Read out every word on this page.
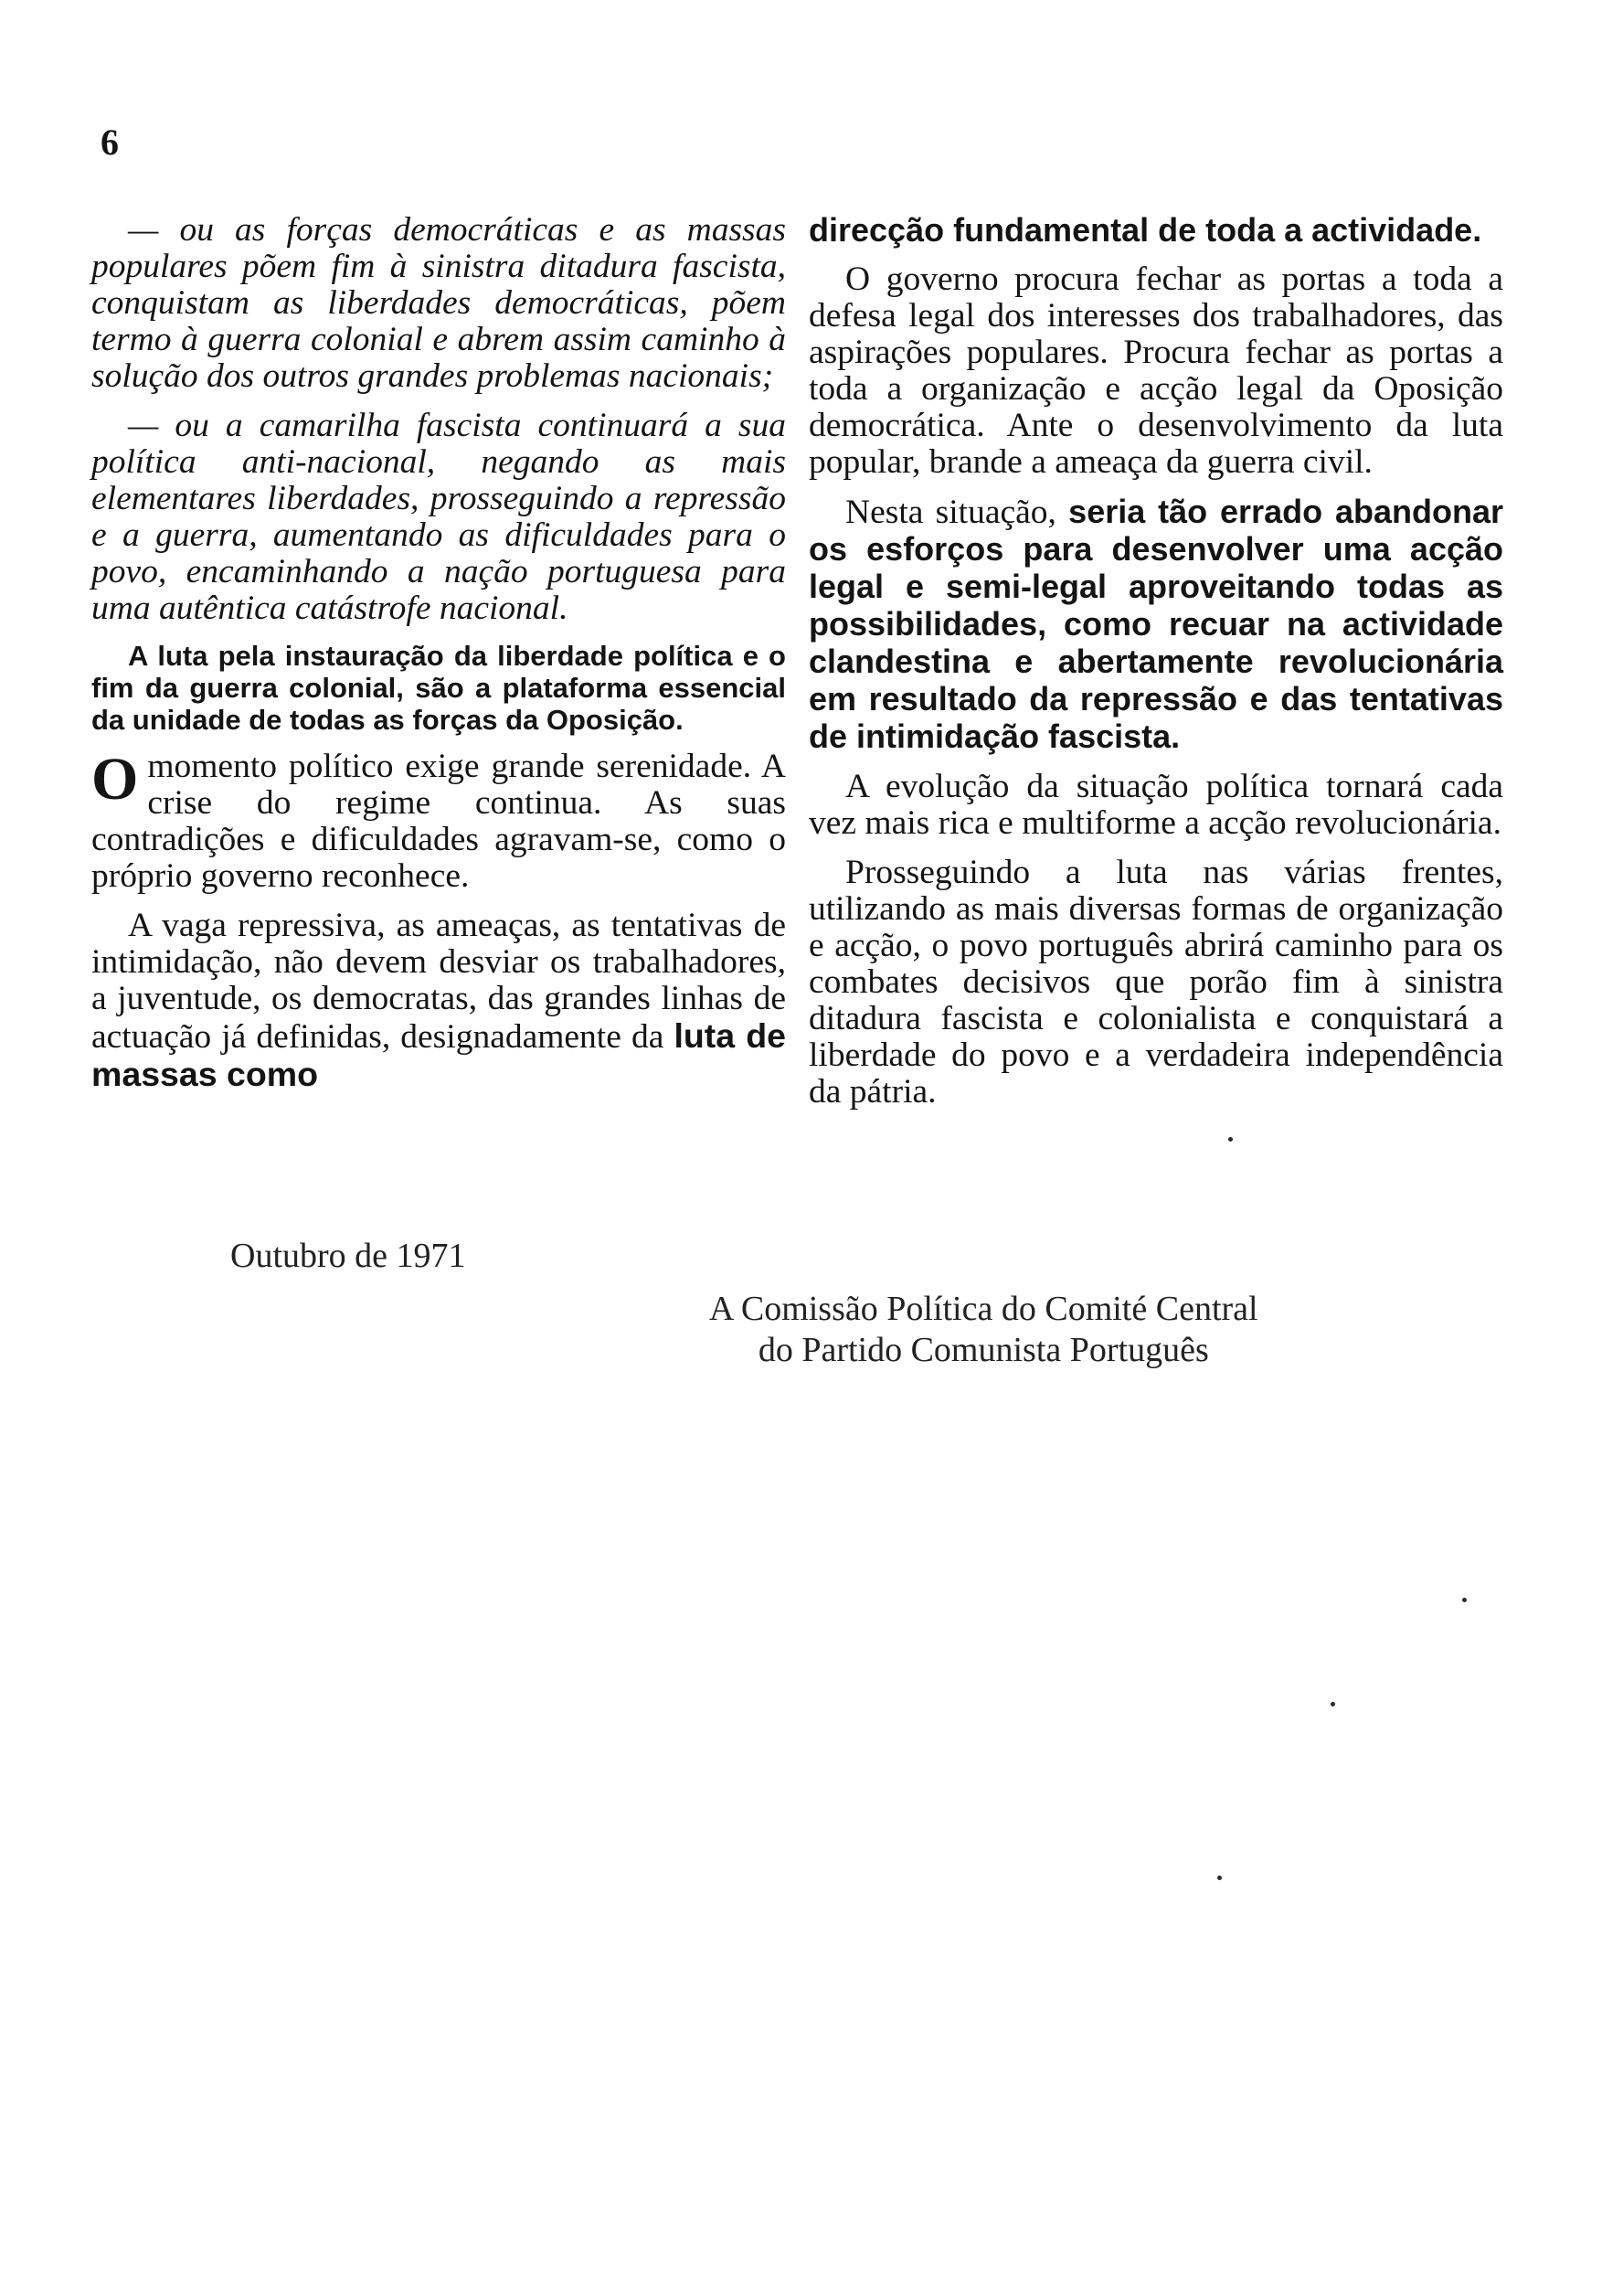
6

— ou as forças democráticas e as massas populares põem fim à sinistra ditadura fascista, conquistam as liberdades democráticas, põem termo à guerra colonial e abrem assim caminho à solução dos outros grandes problemas nacionais;

— ou a camarilha fascista continuará a sua política anti-nacional, negando as mais elementares liberdades, prosseguindo a repressão e a guerra, aumentando as dificuldades para o povo, encaminhando a nação portuguesa para uma autêntica catástrofe nacional.

A luta pela instauração da liberdade política e o fim da guerra colonial, são a plataforma essencial da unidade de todas as forças da Oposição.

Omomento político exige grande serenidade. A crise do regime continua. As suas contradições e dificuldades agravam-se, como o próprio governo reconhece.

A vaga repressiva, as ameaças, as tentativas de intimidação, não devem desviar os trabalhadores, a juventude, os democratas, das grandes linhas de actuação já definidas, designadamente da luta de massas como

direcção fundamental de toda a actividade.

O governo procura fechar as portas a toda a defesa legal dos interesses dos trabalhadores, das aspirações populares. Procura fechar as portas a toda a organização e acção legal da Oposição democrática. Ante o desenvolvimento da luta popular, brande a ameaça da guerra civil.

Nesta situação, seria tão errado abandonar os esforços para desenvolver uma acção legal e semi-legal aproveitando todas as possibilidades, como recuar na actividade clandestina e abertamente revolucionária em resultado da repressão e das tentativas de intimidação fascista.

A evolução da situação política tornará cada vez mais rica e multiforme a acção revolucionária.

Prosseguindo a luta nas várias frentes, utilizando as mais diversas formas de organização e acção, o povo português abrirá caminho para os combates decisivos que porão fim à sinistra ditadura fascista e colonialista e conquistará a liberdade do povo e a verdadeira independência da pátria.

Outubro de 1971
A Comissão Política do Comité Central
do Partido Comunista Português
